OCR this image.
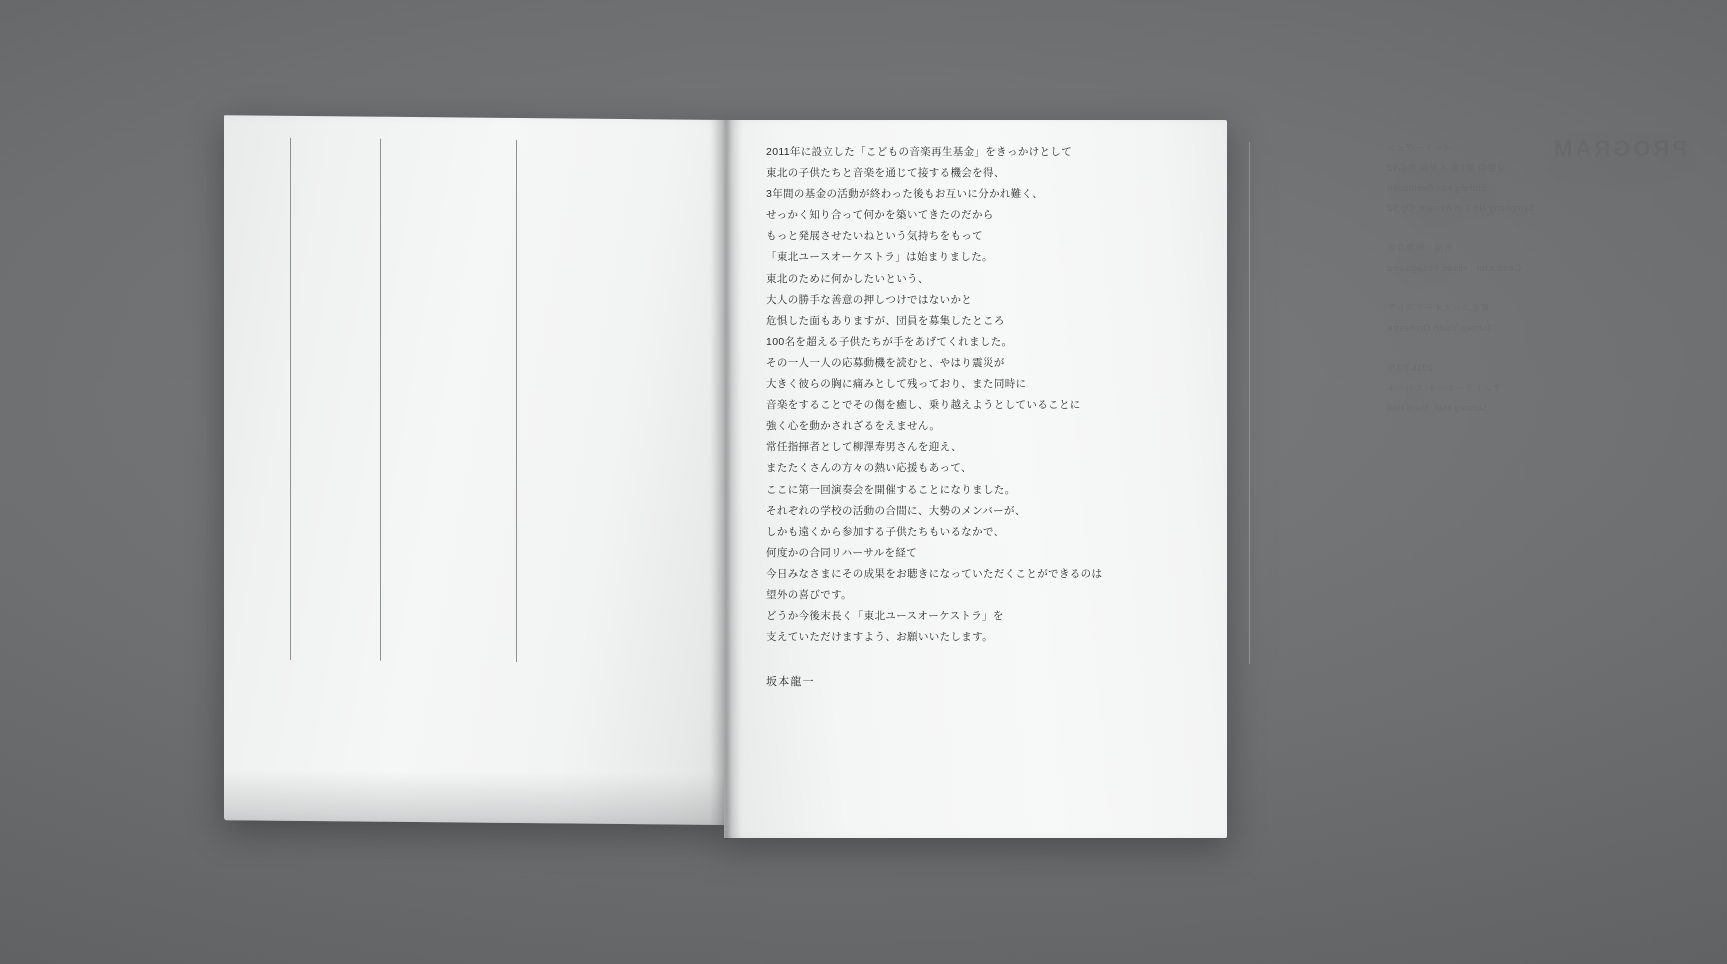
2011年に設立した「こどもの音楽再生基金」をきっかけとして
東北の子供たちと音楽を通じて接する機会を得、
3年間の基金の活動が終わった後もお互いに分かれ難く、
せっかく知り合って何かを築いてきたのだから
もっと発展させたいねという気持ちをもって
「東北ユースオーケストラ」は始まりました。
東北のために何かしたいという、
大人の勝手な善意の押しつけではないかと
危惧した面もありますが、団員を募集したところ
100名を超える子供たちが手をあげてくれました。
その一人一人の応募動機を読むと、やはり震災が
大きく彼らの胸に痛みとして残っており、また同時に
音楽をすることでその傷を癒し、乗り越えようとしていることに
強く心を動かされざるをえません。
常任指揮者として柳澤寿男さんを迎え、
またたくさんの方々の熱い応援もあって、
ここに第一回演奏会を開催することになりました。
それぞれの学校の活動の合間に、大勢のメンバーが、
しかも遠くから参加する子供たちもいるなかで、
何度かの合同リハーサルを経て
今日みなさまにその成果をお聴きになっていただくことができるのは
望外の喜びです。
どうか今後末長く「東北ユースオーケストラ」を
支えていただけますよう、お願いいたします。
坂本龍一
